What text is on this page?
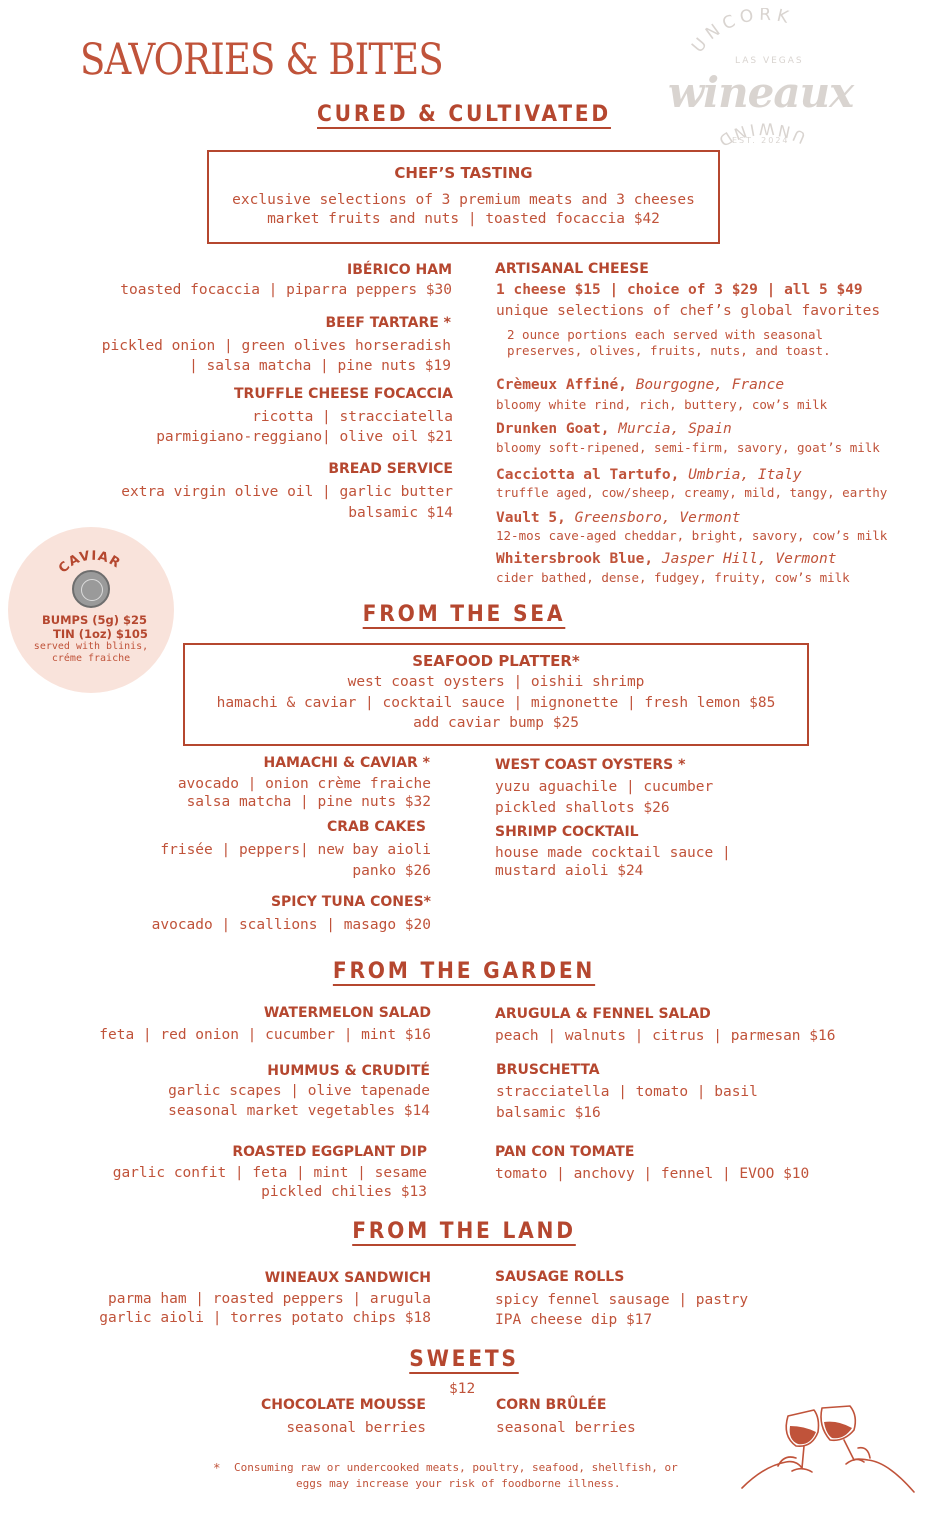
SAVORIES & BITES	UNCORK
UNWIND
LAS VEGAS
wineaux
EST. 2024
CURED & CULTIVATED
CHEF’S TASTING
exclusive selections of 3 premium meats and 3 cheeses
market fruits and nuts | toasted focaccia $42
IBÉRICO HAM
toasted focaccia | piparra peppers $30
BEEF TARTARE *
pickled onion | green olives horseradish
| salsa matcha | pine nuts $19
TRUFFLE CHEESE FOCACCIA
ricotta | stracciatella
parmigiano-reggiano| olive oil $21
BREAD SERVICE
extra virgin olive oil | garlic butter
balsamic $14
ARTISANAL CHEESE
1 cheese $15 | choice of 3 $29 | all 5 $49
unique selections of chef’s global favorites
2 ounce portions each served with seasonal
preserves, olives, fruits, nuts, and toast.
Crèmeux Affiné, Bourgogne, France
bloomy white rind, rich, buttery, cow’s milk
Drunken Goat, Murcia, Spain
bloomy soft-ripened, semi-firm, savory, goat’s milk
Cacciotta al Tartufo, Umbria, Italy
truffle aged, cow/sheep, creamy, mild, tangy, earthy
Vault 5, Greensboro, Vermont
12-mos cave-aged cheddar, bright, savory, cow’s milk
Whitersbrook Blue, Jasper Hill, Vermont
cider bathed, dense, fudgey, fruity, cow’s milk
CAVIAR
BUMPS (5g) $25
TIN (1oz) $105
served with blinis,
créme fraiche
FROM THE SEA
SEAFOOD PLATTER*
west coast oysters | oishii shrimp
hamachi & caviar | cocktail sauce | mignonette | fresh lemon $85
add caviar bump $25
HAMACHI & CAVIAR *
avocado | onion crème fraiche
salsa matcha | pine nuts $32
CRAB CAKES
frisée | peppers| new bay aioli
panko $26
SPICY TUNA CONES*
avocado | scallions | masago $20
WEST COAST OYSTERS *
yuzu aguachile | cucumber
pickled shallots $26
SHRIMP COCKTAIL
house made cocktail sauce |
mustard aioli $24
FROM THE GARDEN
WATERMELON SALAD
feta | red onion | cucumber | mint $16
HUMMUS & CRUDITÉ
garlic scapes | olive tapenade
seasonal market vegetables $14
ROASTED EGGPLANT DIP
garlic confit | feta | mint | sesame
pickled chilies $13
ARUGULA & FENNEL SALAD
peach | walnuts | citrus | parmesan $16
BRUSCHETTA
stracciatella | tomato | basil
balsamic $16
PAN CON TOMATE
tomato | anchovy | fennel | EVOO $10
FROM THE LAND
WINEAUX SANDWICH
parma ham | roasted peppers | arugula
garlic aioli | torres potato chips $18
SAUSAGE ROLLS
spicy fennel sausage | pastry
IPA cheese dip $17
SWEETS
$12
CHOCOLATE MOUSSE
seasonal berries
CORN BRÛLÉE
seasonal berries
* Consuming raw or undercooked meats, poultry, seafood, shellfish, or
eggs may increase your risk of foodborne illness.
